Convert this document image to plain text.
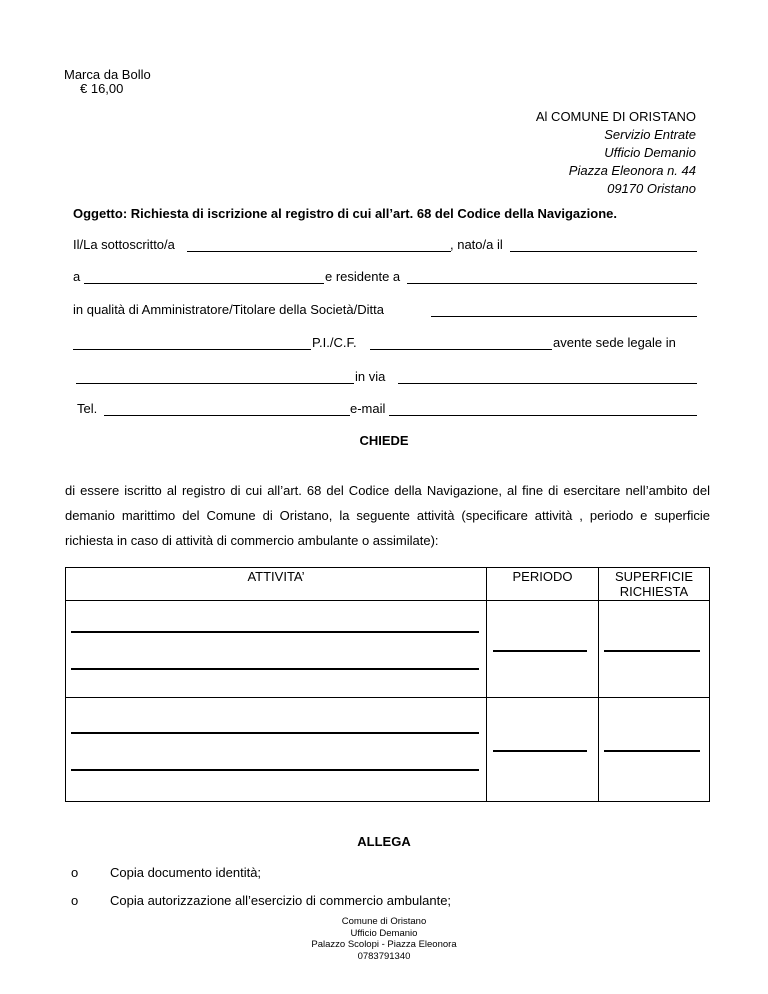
Marca da Bollo
€ 16,00
Al COMUNE DI ORISTANO
Servizio Entrate
Ufficio Demanio
Piazza Eleonora n. 44
09170 Oristano
Oggetto: Richiesta di iscrizione al registro di cui all’art. 68 del Codice della Navigazione.
Il/La sottoscritto/a	, nato/a il
a	e residente a
in qualità di Amministratore/Titolare della Società/Ditta
P.I./C.F.	avente sede legale in
in via
Tel.	e-mail
CHIEDE
di essere iscritto al registro di cui all’art. 68 del Codice della Navigazione, al fine di esercitare nell’ambito del
demanio marittimo del Comune di Oristano, la seguente attività (specificare attività , periodo e superficie
richiesta in caso di attività di commercio ambulante o assimilate):
ATTIVITA’	PERIODO	SUPERFICIE
RICHIESTA

ALLEGA
o Copia documento identità;
o Copia autorizzazione all’esercizio di commercio ambulante;
Comune di Oristano
Ufficio Demanio
Palazzo Scolopi - Piazza Eleonora
0783791340
